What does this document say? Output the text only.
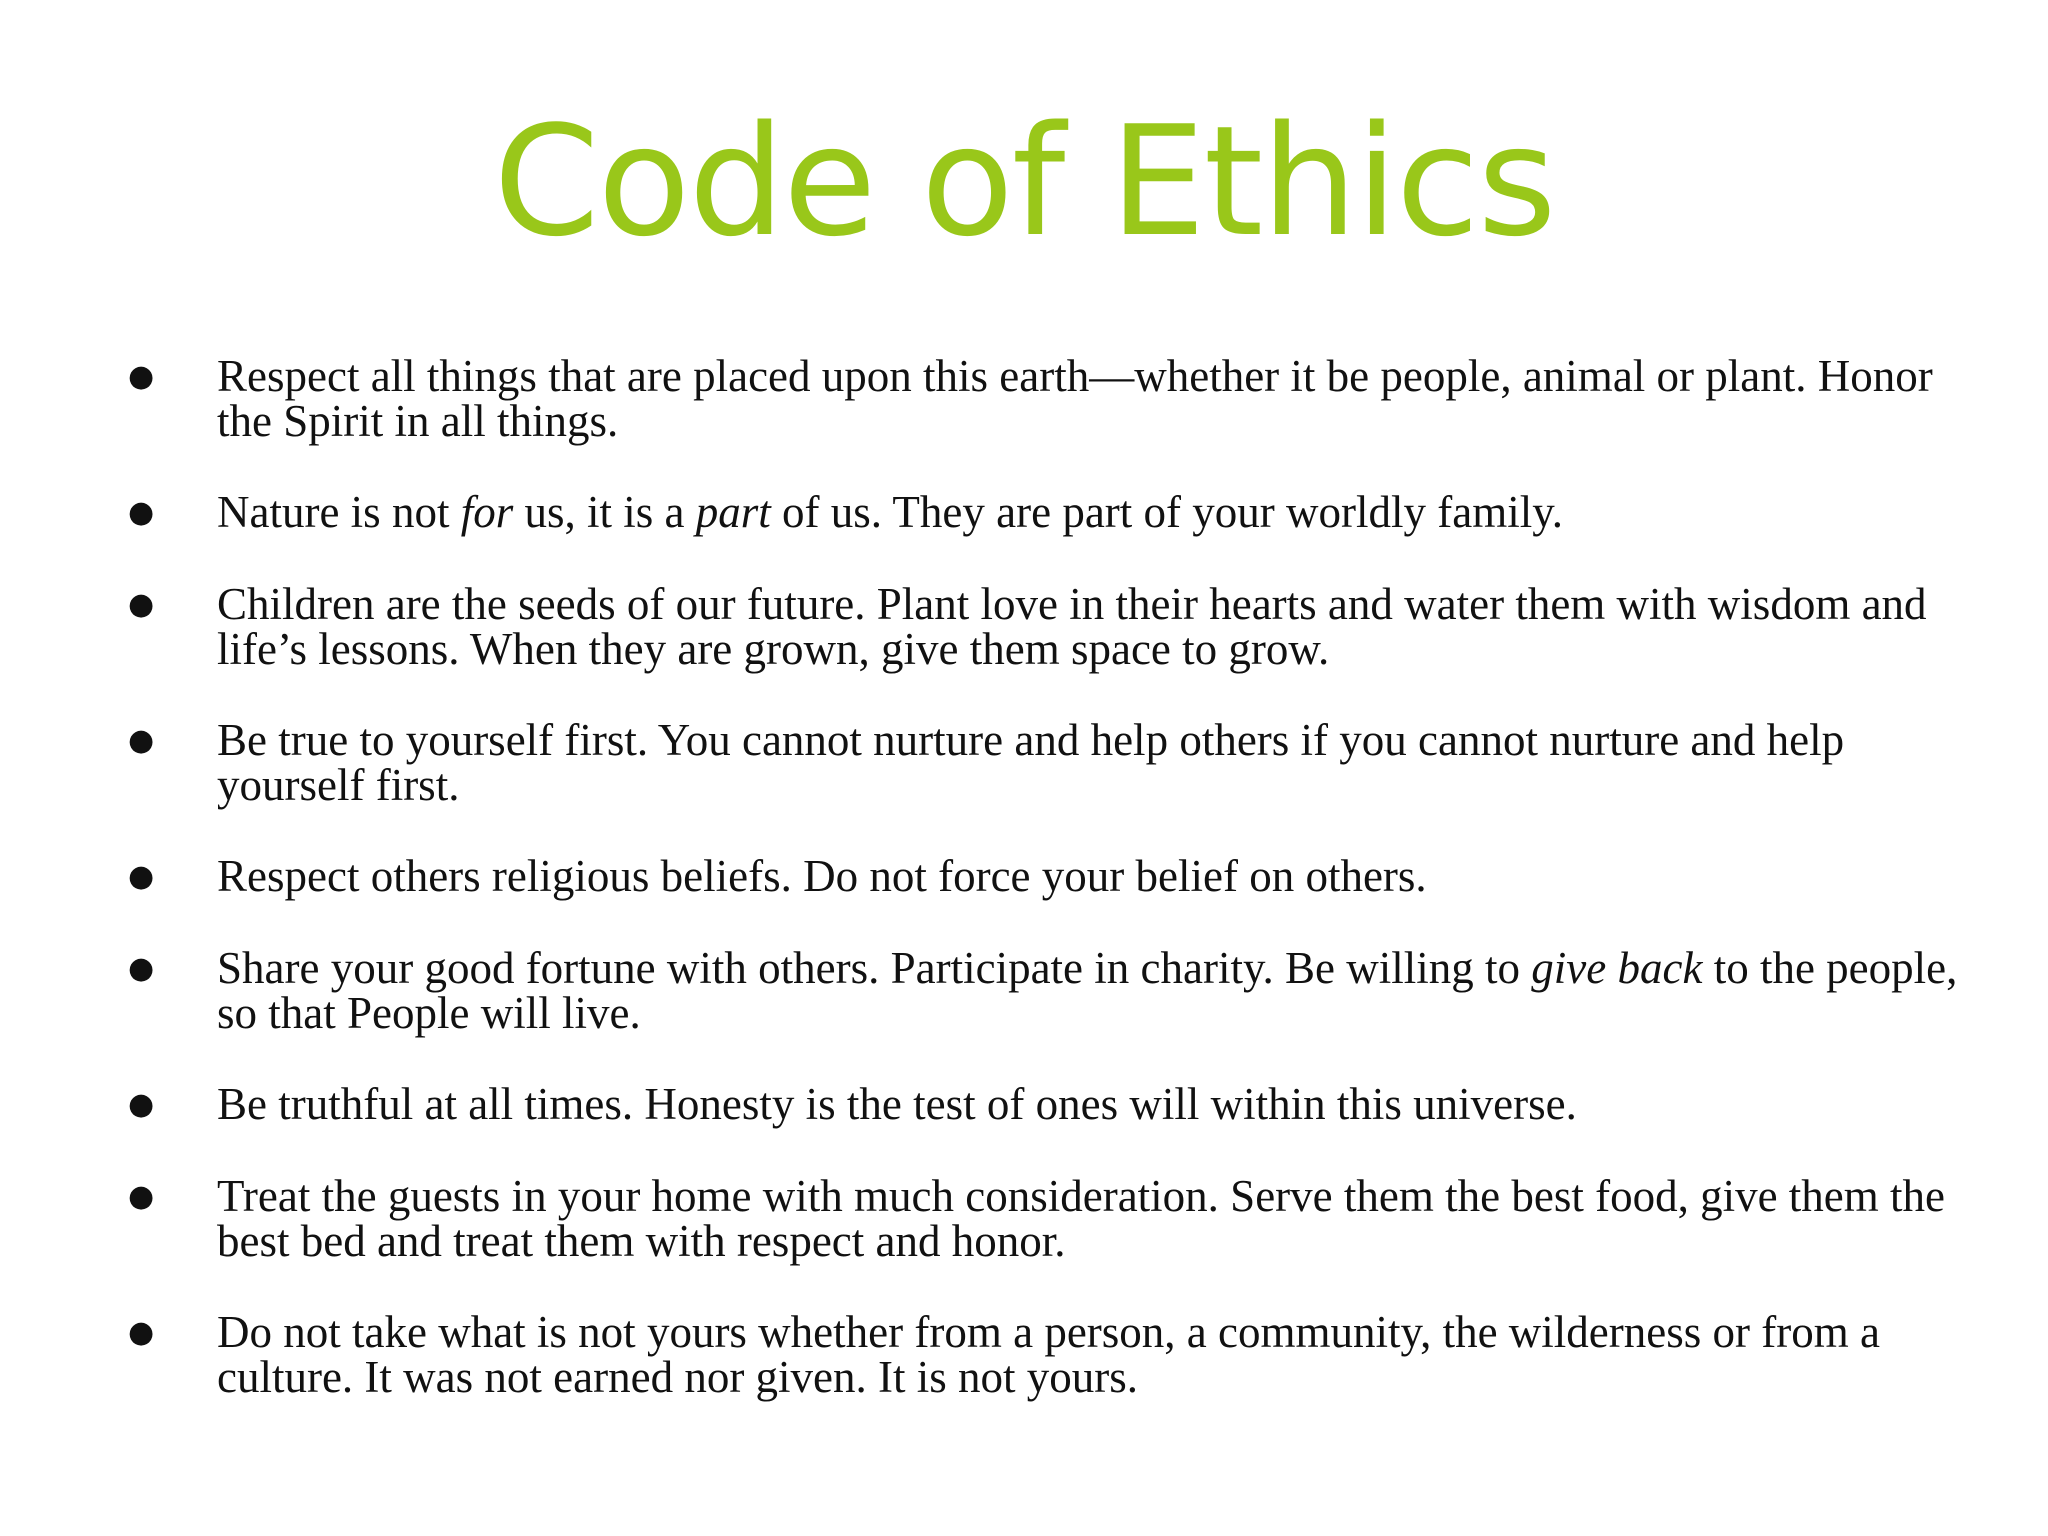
Code of Ethics
● Respect all things that are placed upon this earth—whether it be people, animal or plant. Honor the Spirit in all things.
● Nature is not for us, it is a part of us. They are part of your worldly family.
● Children are the seeds of our future. Plant love in their hearts and water them with wisdom and life’s lessons. When they are grown, give them space to grow.
● Be true to yourself first. You cannot nurture and help others if you cannot nurture and help yourself first.
● Respect others religious beliefs. Do not force your belief on others.
● Share your good fortune with others. Participate in charity. Be willing to give back to the people, so that People will live.
● Be truthful at all times. Honesty is the test of ones will within this universe.
● Treat the guests in your home with much consideration. Serve them the best food, give them the best bed and treat them with respect and honor.
● Do not take what is not yours whether from a person, a community, the wilderness or from a culture. It was not earned nor given. It is not yours.
